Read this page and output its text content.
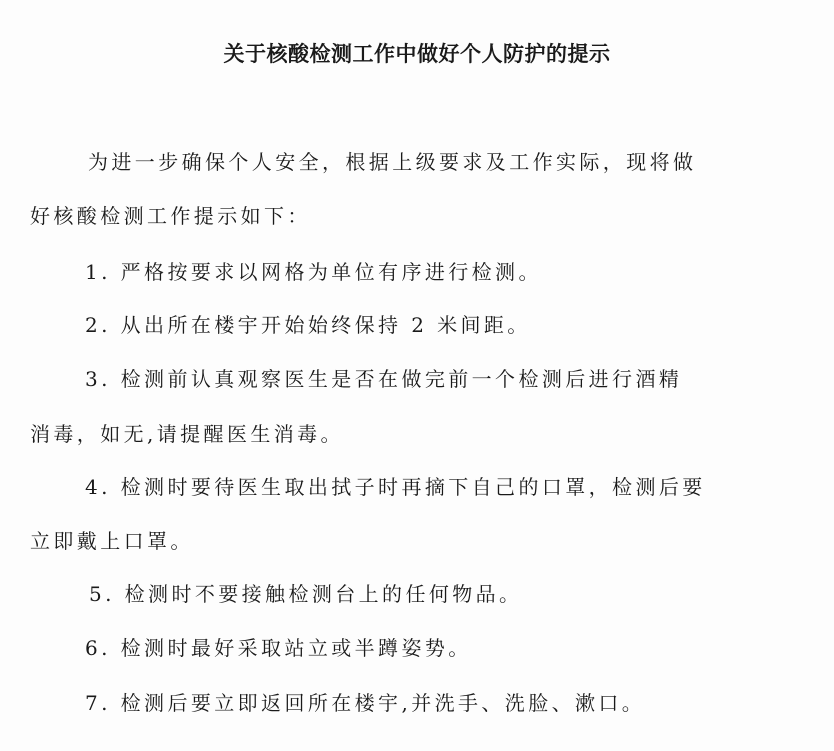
关于核酸检测工作中做好个人防护的提示
为进一步确保个人安全，根据上级要求及工作实际，现将做
好核酸检测工作提示如下：
1. 严格按要求以网格为单位有序进行检测。
2. 从出所在楼宇开始始终保持 2 米间距。
3. 检测前认真观察医生是否在做完前一个检测后进行酒精
消毒，如无,请提醒医生消毒。
4. 检测时要待医生取出拭子时再摘下自己的口罩，检测后要
立即戴上口罩。
5. 检测时不要接触检测台上的任何物品。
6. 检测时最好采取站立或半蹲姿势。
7. 检测后要立即返回所在楼宇,并洗手、洗脸、漱口。
